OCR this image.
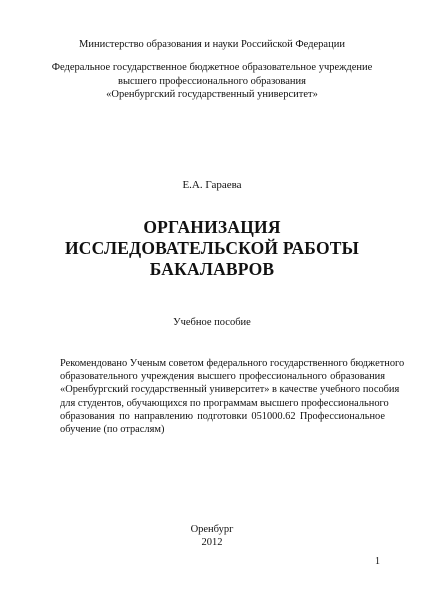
Министерство образования и науки Российской Федерации
Федеральное государственное бюджетное образовательное учреждение
высшего профессионального образования
«Оренбургский государственный университет»
Е.А. Гараева
ОРГАНИЗАЦИЯ
ИССЛЕДОВАТЕЛЬСКОЙ РАБОТЫ
БАКАЛАВРОВ
Учебное пособие
Рекомендовано Ученым советом федерального государственного бюджетного
образовательного учреждения высшего профессионального образования
«Оренбургский государственный университет» в качестве учебного пособия
для студентов, обучающихся по программам высшего профессионального
образования по направлению подготовки 051000.62 Профессиональное
обучение (по отраслям)
Оренбург
2012
1
